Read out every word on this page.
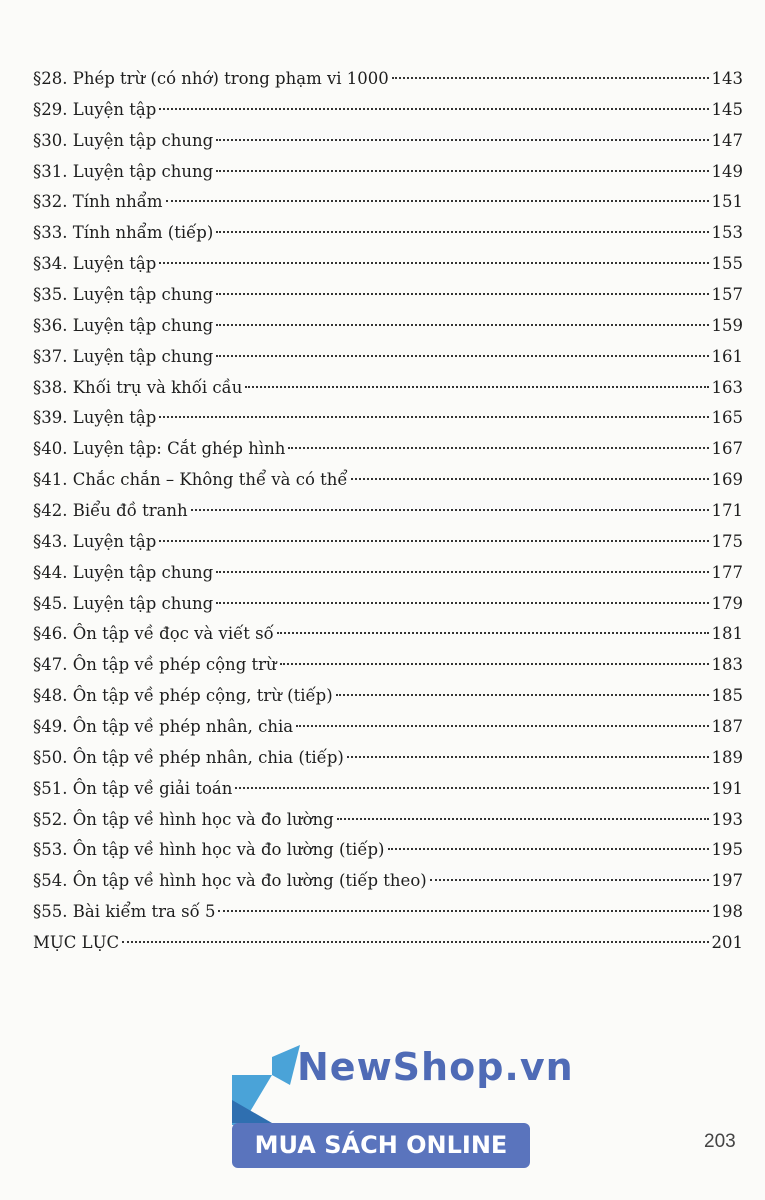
§28. Phép trừ (có nhớ) trong phạm vi 1000	143
§29. Luyện tập	145
§30. Luyện tập chung	147
§31. Luyện tập chung	149
§32. Tính nhẩm	151
§33. Tính nhẩm (tiếp)	153
§34. Luyện tập	155
§35. Luyện tập chung	157
§36. Luyện tập chung	159
§37. Luyện tập chung	161
§38. Khối trụ và khối cầu	163
§39. Luyện tập	165
§40. Luyện tập: Cắt ghép hình	167
§41. Chắc chắn – Không thể và có thể	169
§42. Biểu đồ tranh	171
§43. Luyện tập	175
§44. Luyện tập chung	177
§45. Luyện tập chung	179
§46. Ôn tập về đọc và viết số	181
§47. Ôn tập về phép cộng trừ	183
§48. Ôn tập về phép cộng, trừ (tiếp)	185
§49. Ôn tập về phép nhân, chia	187
§50. Ôn tập về phép nhân, chia (tiếp)	189
§51. Ôn tập về giải toán	191
§52. Ôn tập về hình học và đo lường	193
§53. Ôn tập về hình học và đo lường (tiếp)	195
§54. Ôn tập về hình học và đo lường (tiếp theo)	197
§55. Bài kiểm tra số 5	198
MỤC LỤC	201
NewShop.vn
MUA SÁCH ONLINE	203
